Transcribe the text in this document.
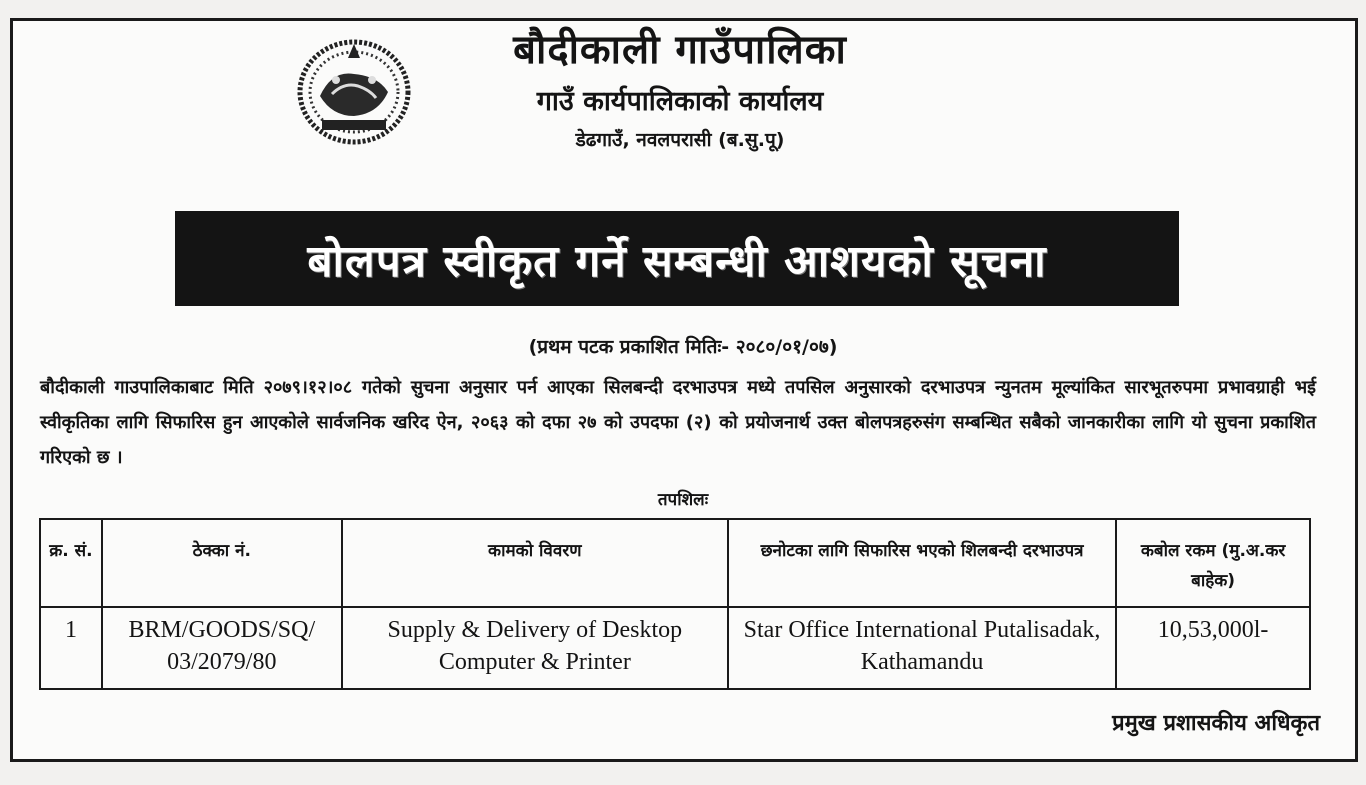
बौदीकाली गाउँपालिका
गाउँ कार्यपालिकाको कार्यालय
डेढगाउँ, नवलपरासी (ब.सु.पू)
बोलपत्र स्वीकृत गर्ने सम्बन्धी आशयको सूचना
(प्रथम पटक प्रकाशित मितिः- २०८०/०१/०७)
बौदीकाली गाउपालिकाबाट मिति २०७९।१२।०८ गतेको सुचना अनुसार पर्न आएका सिलबन्दी दरभाउपत्र मध्ये तपसिल अनुसारको दरभाउपत्र न्युनतम मूल्यांकित सारभूतरुपमा प्रभावग्राही भई स्वीकृतिका लागि सिफारिस हुन आएकोले सार्वजनिक खरिद ऐन, २०६३ को दफा २७ को उपदफा (२) को प्रयोजनार्थ उक्त बोलपत्रहरुसंग सम्बन्धित सबैको जानकारीका लागि यो सुचना प्रकाशित गरिएको छ ।
तपशिलः
क्र. सं.	ठेक्का नं.	कामको विवरण	छनोटका लागि सिफारिस भएको शिलबन्दी दरभाउपत्र	कबोल रकम (मु.अ.कर बाहेक)
1	BRM/GOODS/SQ/ 03/2079/80	Supply & Delivery of Desktop Computer & Printer	Star Office International Putalisadak, Kathamandu	10,53,000l-
प्रमुख प्रशासकीय अधिकृत
